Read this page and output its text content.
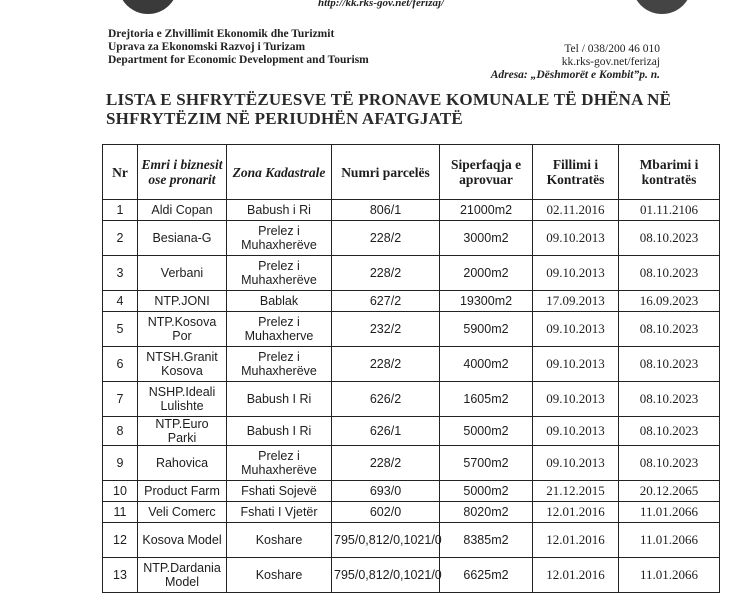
http://kk.rks-gov.net/ferizaj/
Drejtoria e Zhvillimit Ekonomik dhe Turizmit
Uprava za Ekonomski Razvoj i Turizam
Department for Economic Development and Tourism
Tel / 038/200 46 010
kk.rks-gov.net/ferizaj
Adresa: „Dëshmorët e Kombit”p. n.
LISTA E SHFRYTËZUESVE TË PRONAVE KOMUNALE TË DHËNA NË
SHFRYTËZIM NË PERIUDHËN AFATGJATË
Nr	Emri i biznesit ose pronarit	Zona Kadastrale	Numri parcelës	Siperfaqja e aprovuar	Fillimi i Kontratës	Mbarimi i kontratës
1	Aldi Copan	Babush i Ri	806/1	21000m2	02.11.2016	01.11.2106
2	Besiana-G	Prelez i Muhaxherëve	228/2	3000m2	09.10.2013	08.10.2023
3	Verbani	Prelez i Muhaxherëve	228/2	2000m2	09.10.2013	08.10.2023
4	NTP.JONI	Bablak	627/2	19300m2	17.09.2013	16.09.2023
5	NTP.Kosova Por	Prelez i Muhaxherve	232/2	5900m2	09.10.2013	08.10.2023
6	NTSH.Granit Kosova	Prelez i Muhaxherëve	228/2	4000m2	09.10.2013	08.10.2023
7	NSHP.Ideali Lulishte	Babush I Ri	626/2	1605m2	09.10.2013	08.10.2023
8	NTP.Euro Parki	Babush I Ri	626/1	5000m2	09.10.2013	08.10.2023
9	Rahovica	Prelez i Muhaxherëve	228/2	5700m2	09.10.2013	08.10.2023
10	Product Farm	Fshati Sojevë	693/0	5000m2	21.12.2015	20.12.2065
11	Veli Comerc	Fshati I Vjetër	602/0	8020m2	12.01.2016	11.01.2066
12	Kosova Model	Koshare	795/0,812/0,1021/0	8385m2	12.01.2016	11.01.2066
13	NTP.Dardania Model	Koshare	795/0,812/0,1021/0	6625m2	12.01.2016	11.01.2066
